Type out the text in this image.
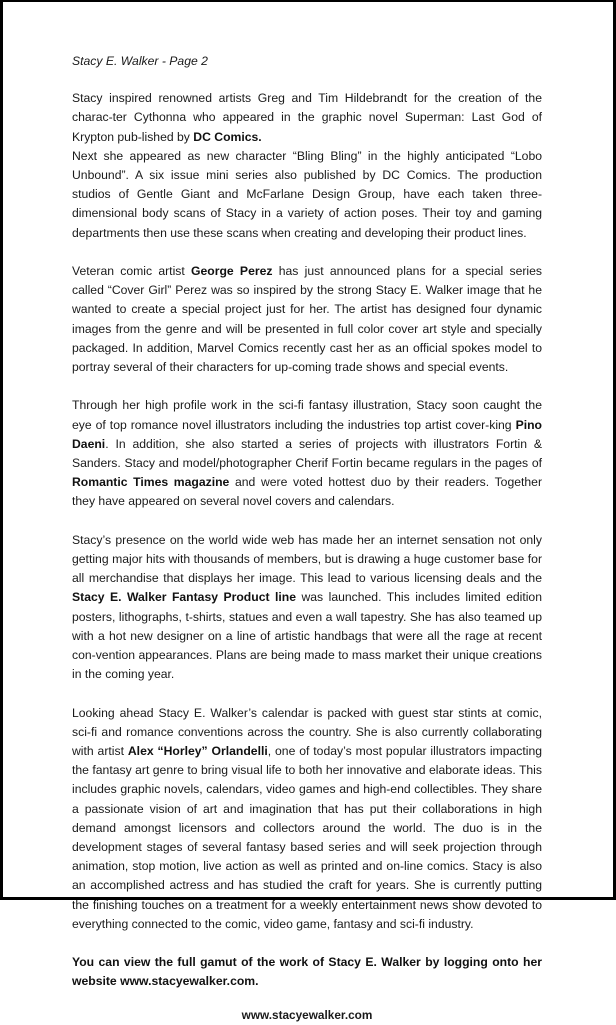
Stacy E. Walker - Page 2

Stacy inspired renowned artists Greg and Tim Hildebrandt for the creation of the charac-ter Cythonna who appeared in the graphic novel Superman: Last God of Krypton pub-lished by DC Comics.

Next she appeared as new character “Bling Bling” in the highly anticipated “Lobo Unbound”. A six issue mini series also published by DC Comics. The production studios of Gentle Giant and McFarlane Design Group, have each taken three-dimensional body scans of Stacy in a variety of action poses. Their toy and gaming departments then use these scans when creating and developing their product lines.

Veteran comic artist George Perez has just announced plans for a special series called “Cover Girl” Perez was so inspired by the strong Stacy E. Walker image that he wanted to create a special project just for her. The artist has designed four dynamic images from the genre and will be presented in full color cover art style and specially packaged. In addition, Marvel Comics recently cast her as an official spokes model to portray several of their characters for up-coming trade shows and special events.

Through her high profile work in the sci-fi fantasy illustration, Stacy soon caught the eye of top romance novel illustrators including the industries top artist cover-king Pino Daeni. In addition, she also started a series of projects with illustrators Fortin & Sanders. Stacy and model/photographer Cherif Fortin became regulars in the pages of Romantic Times magazine and were voted hottest duo by their readers. Together they have appeared on several novel covers and calendars.

Stacy’s presence on the world wide web has made her an internet sensation not only getting major hits with thousands of members, but is drawing a huge customer base for all merchandise that displays her image. This lead to various licensing deals and the Stacy E. Walker Fantasy Product line was launched. This includes limited edition posters, lithographs, t-shirts, statues and even a wall tapestry. She has also teamed up with a hot new designer on a line of artistic handbags that were all the rage at recent con-vention appearances. Plans are being made to mass market their unique creations in the coming year.

Looking ahead Stacy E. Walker’s calendar is packed with guest star stints at comic, sci-fi and romance conventions across the country. She is also currently collaborating with artist Alex “Horley” Orlandelli, one of today’s most popular illustrators impacting the fantasy art genre to bring visual life to both her innovative and elaborate ideas. This includes graphic novels, calendars, video games and high-end collectibles. They share a passionate vision of art and imagination that has put their collaborations in high demand amongst licensors and collectors around the world. The duo is in the development stages of several fantasy based series and will seek projection through animation, stop motion, live action as well as printed and on-line comics. Stacy is also an accomplished actress and has studied the craft for years. She is currently putting the finishing touches on a treatment for a weekly entertainment news show devoted to everything connected to the comic, video game, fantasy and sci-fi industry.

You can view the full gamut of the work of Stacy E. Walker by logging onto her website www.stacyewalker.com.

www.stacyewalker.com
